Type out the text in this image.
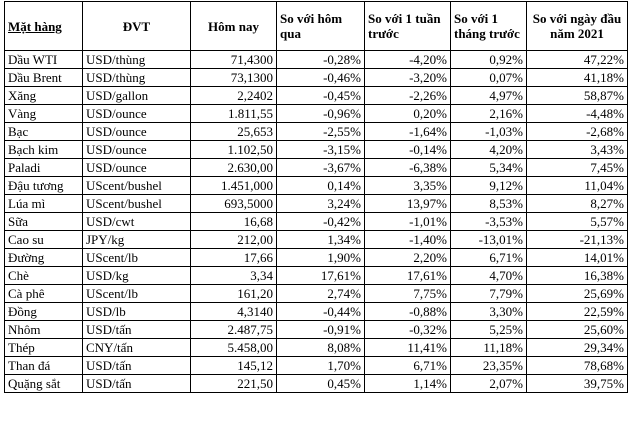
Mặt hàng	ĐVT	Hôm nay	So với hôm qua	So với 1 tuần trước	So với 1 tháng trước	So với ngày đầu năm 2021
Dầu WTI	USD/thùng	71,4300	-0,28%	-4,20%	0,92%	47,22%
Dầu Brent	USD/thùng	73,1300	-0,46%	-3,20%	0,07%	41,18%
Xăng	USD/gallon	2,2402	-0,45%	-2,26%	4,97%	58,87%
Vàng	USD/ounce	1.811,55	-0,96%	0,20%	2,16%	-4,48%
Bạc	USD/ounce	25,653	-2,55%	-1,64%	-1,03%	-2,68%
Bạch kim	USD/ounce	1.102,50	-3,15%	-0,14%	4,20%	3,43%
Paladi	USD/ounce	2.630,00	-3,67%	-6,38%	5,34%	7,45%
Đậu tương	UScent/bushel	1.451,000	0,14%	3,35%	9,12%	11,04%
Lúa mì	UScent/bushel	693,5000	3,24%	13,97%	8,53%	8,27%
Sữa	USD/cwt	16,68	-0,42%	-1,01%	-3,53%	5,57%
Cao su	JPY/kg	212,00	1,34%	-1,40%	-13,01%	-21,13%
Đường	UScent/lb	17,66	1,90%	2,20%	6,71%	14,01%
Chè	USD/kg	3,34	17,61%	17,61%	4,70%	16,38%
Cà phê	UScent/lb	161,20	2,74%	7,75%	7,79%	25,69%
Đồng	USD/lb	4,3140	-0,44%	-0,88%	3,30%	22,59%
Nhôm	USD/tấn	2.487,75	-0,91%	-0,32%	5,25%	25,60%
Thép	CNY/tấn	5.458,00	8,08%	11,41%	11,18%	29,34%
Than đá	USD/tấn	145,12	1,70%	6,71%	23,35%	78,68%
Quặng sắt	USD/tấn	221,50	0,45%	1,14%	2,07%	39,75%
